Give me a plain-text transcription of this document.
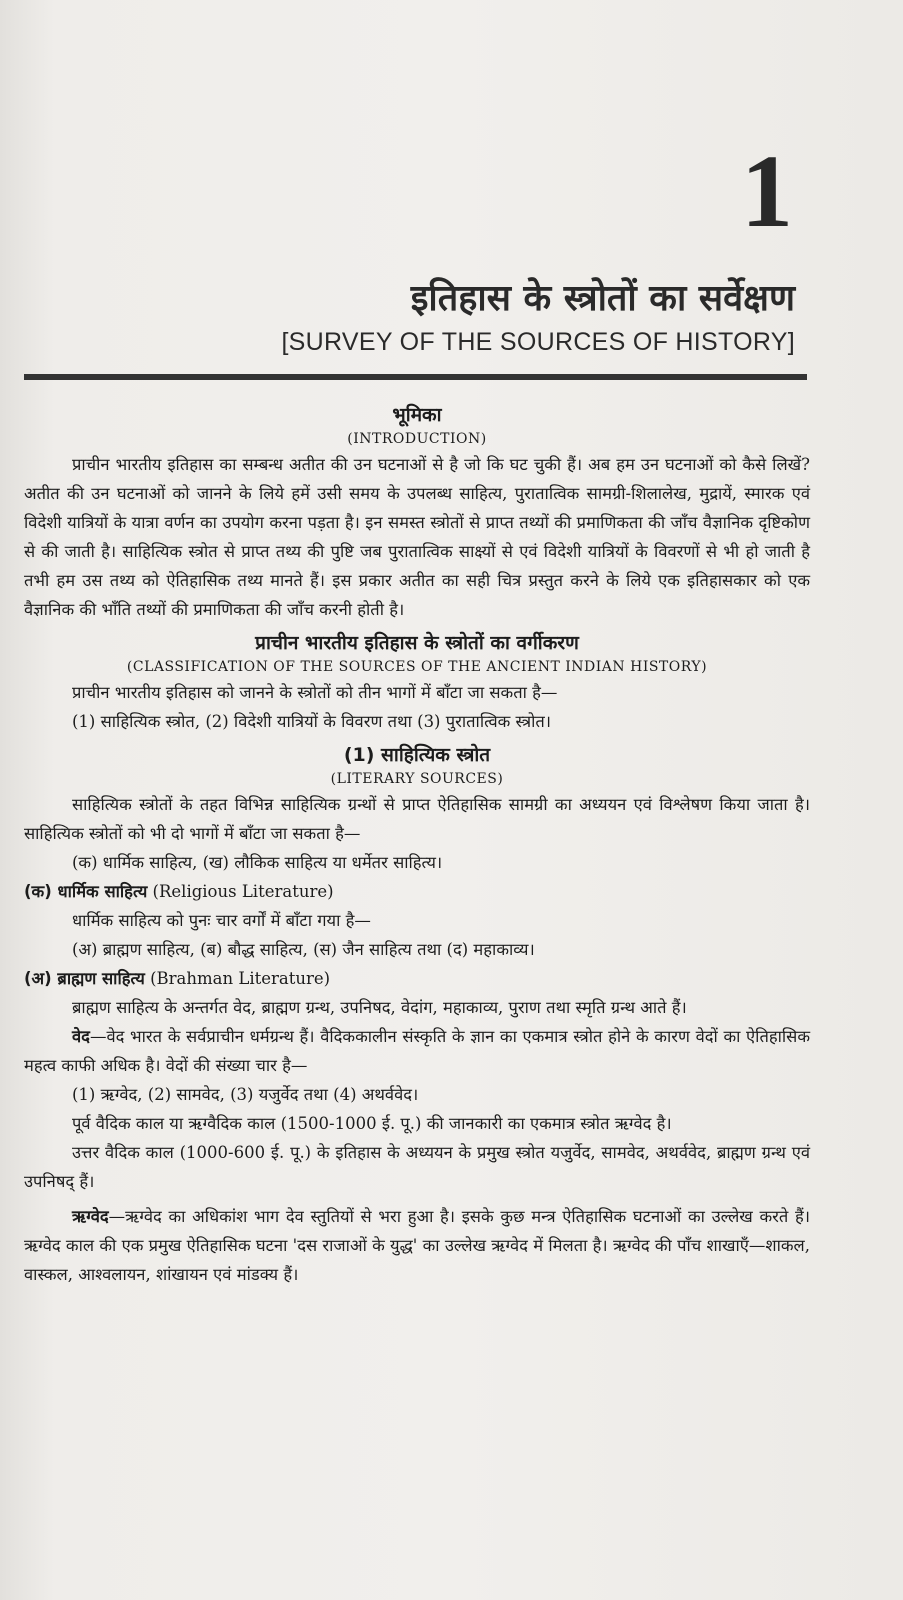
1
इतिहास के स्त्रोतों का सर्वेक्षण
[SURVEY OF THE SOURCES OF HISTORY]
भूमिका
(INTRODUCTION)

प्राचीन भारतीय इतिहास का सम्बन्ध अतीत की उन घटनाओं से है जो कि घट चुकी हैं। अब हम उन घटनाओं को कैसे लिखें? अतीत की उन घटनाओं को जानने के लिये हमें उसी समय के उपलब्ध साहित्य, पुरातात्विक सामग्री-शिलालेख, मुद्रायें, स्मारक एवं विदेशी यात्रियों के यात्रा वर्णन का उपयोग करना पड़ता है। इन समस्त स्त्रोतों से प्राप्त तथ्यों की प्रमाणिकता की जाँच वैज्ञानिक दृष्टिकोण से की जाती है। साहित्यिक स्त्रोत से प्राप्त तथ्य की पुष्टि जब पुरातात्विक साक्ष्यों से एवं विदेशी यात्रियों के विवरणों से भी हो जाती है तभी हम उस तथ्य को ऐतिहासिक तथ्य मानते हैं। इस प्रकार अतीत का सही चित्र प्रस्तुत करने के लिये एक इतिहासकार को एक वैज्ञानिक की भाँति तथ्यों की प्रमाणिकता की जाँच करनी होती है।

प्राचीन भारतीय इतिहास के स्त्रोतों का वर्गीकरण
(CLASSIFICATION OF THE SOURCES OF THE ANCIENT INDIAN HISTORY)

प्राचीन भारतीय इतिहास को जानने के स्त्रोतों को तीन भागों में बाँटा जा सकता है—

(1) साहित्यिक स्त्रोत, (2) विदेशी यात्रियों के विवरण तथा (3) पुरातात्विक स्त्रोत।

(1) साहित्यिक स्त्रोत
(LITERARY SOURCES)

साहित्यिक स्त्रोतों के तहत विभिन्न साहित्यिक ग्रन्थों से प्राप्त ऐतिहासिक सामग्री का अध्ययन एवं विश्लेषण किया जाता है। साहित्यिक स्त्रोतों को भी दो भागों में बाँटा जा सकता है—

(क) धार्मिक साहित्य, (ख) लौकिक साहित्य या धर्मेतर साहित्य।

(क) धार्मिक साहित्य (Religious Literature)

धार्मिक साहित्य को पुनः चार वर्गों में बाँटा गया है—

(अ) ब्राह्मण साहित्य, (ब) बौद्ध साहित्य, (स) जैन साहित्य तथा (द) महाकाव्य।

(अ) ब्राह्मण साहित्य (Brahman Literature)

ब्राह्मण साहित्य के अन्तर्गत वेद, ब्राह्मण ग्रन्थ, उपनिषद, वेदांग, महाकाव्य, पुराण तथा स्मृति ग्रन्थ आते हैं।

वेद—वेद भारत के सर्वप्राचीन धर्मग्रन्थ हैं। वैदिककालीन संस्कृति के ज्ञान का एकमात्र स्त्रोत होने के कारण वेदों का ऐतिहासिक महत्व काफी अधिक है। वेदों की संख्या चार है—

(1) ऋग्वेद, (2) सामवेद, (3) यजुर्वेद तथा (4) अथर्ववेद।

पूर्व वैदिक काल या ऋग्वैदिक काल (1500-1000 ई. पू.) की जानकारी का एकमात्र स्त्रोत ऋग्वेद है।

उत्तर वैदिक काल (1000-600 ई. पू.) के इतिहास के अध्ययन के प्रमुख स्त्रोत यजुर्वेद, सामवेद, अथर्ववेद, ब्राह्मण ग्रन्थ एवं उपनिषद् हैं।

ऋग्वेद—ऋग्वेद का अधिकांश भाग देव स्तुतियों से भरा हुआ है। इसके कुछ मन्त्र ऐतिहासिक घटनाओं का उल्लेख करते हैं। ऋग्वेद काल की एक प्रमुख ऐतिहासिक घटना 'दस राजाओं के युद्ध' का उल्लेख ऋग्वेद में मिलता है। ऋग्वेद की पाँच शाखाएँ—शाकल, वास्कल, आश्वलायन, शांखायन एवं मांडक्य हैं।
